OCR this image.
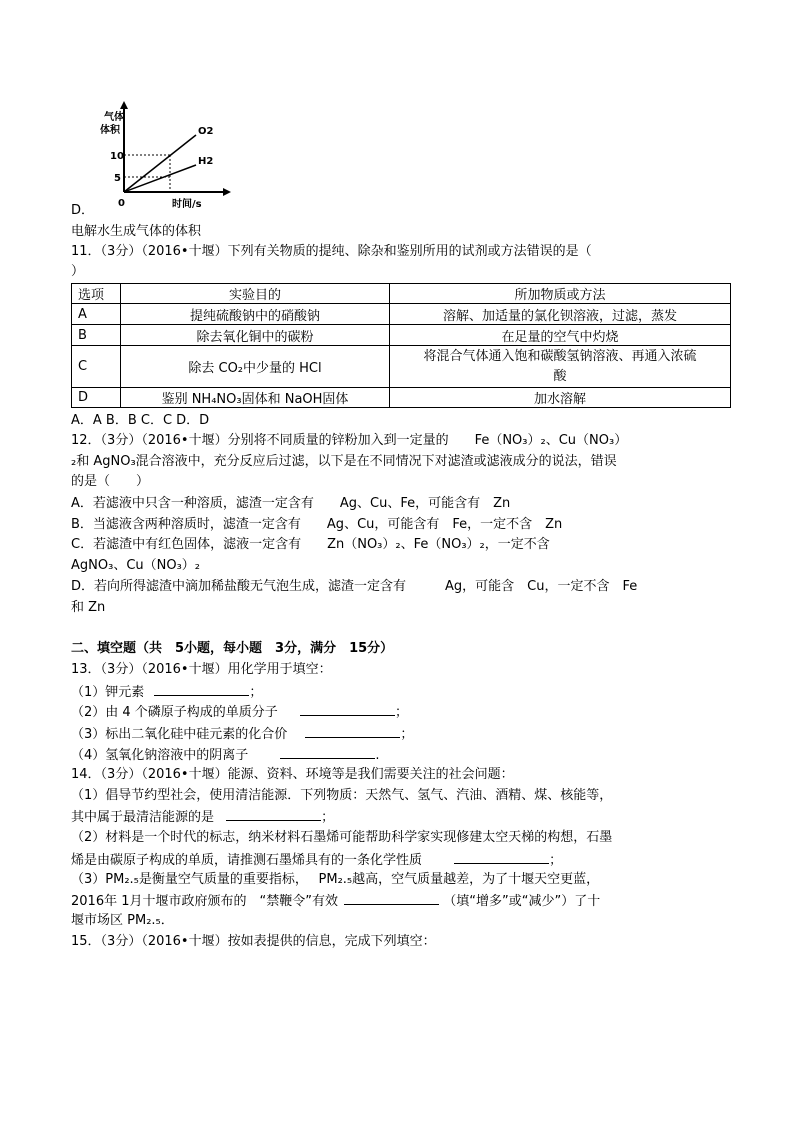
气体
体积
10
5
0
O2
H2
时间/s
D．
电解水生成气体的体积
11．（3分）（2016•十堰）下列有关物质的提纯、除杂和鉴别所用的试剂或方法错误的是（
）
选项	实验目的	所加物质或方法
A	提纯硫酸钠中的硝酸钠	溶解、加适量的氯化钡溶液，过滤，蒸发
B	除去氧化铜中的碳粉	在足量的空气中灼烧
C	除去 CO₂中少量的 HCl	将混合气体通入饱和碳酸氢钠溶液、再通入浓硫
酸

D	鉴别 NH₄NO₃固体和 NaOH固体	加水溶解
A．A B．B C．C D．D
12．（3分）（2016•十堰）分别将不同质量的锌粉加入到一定量的　　Fe（NO₃）₂、Cu（NO₃）
₂和 AgNO₃混合溶液中，充分反应后过滤，以下是在不同情况下对滤渣或滤液成分的说法，错误
的是（　　）
A．若滤液中只含一种溶质，滤渣一定含有　　Ag、Cu、Fe，可能含有　Zn
B．当滤液含两种溶质时，滤渣一定含有　　Ag、Cu，可能含有　Fe，一定不含　Zn
C．若滤渣中有红色固体，滤液一定含有　　Zn（NO₃）₂、Fe（NO₃）₂，一定不含
AgNO₃、Cu（NO₃）₂
D．若向所得滤渣中滴加稀盐酸无气泡生成，滤渣一定含有　　　Ag，可能含　Cu，一定不含　Fe
和 Zn
二、填空题（共　5小题，每小题　3分，满分　15分）
13．（3分）（2016•十堰）用化学用于填空：
（1）钾元素	；
（2）由 4 个磷原子构成的单质分子	；
（3）标出二氧化硅中硅元素的化合价	；
（4）氢氧化钠溶液中的阴离子	.
14．（3分）（2016•十堰）能源、资料、环境等是我们需要关注的社会问题：
（1）倡导节约型社会，使用清洁能源．下列物质：天然气、氢气、汽油、酒精、煤、核能等，
其中属于最清洁能源的是	；
（2）材料是一个时代的标志，纳米材料石墨烯可能帮助科学家实现修建太空天梯的构想，石墨
烯是由碳原子构成的单质，请推测石墨烯具有的一条化学性质	；
（3）PM₂.₅是衡量空气质量的重要指标，　 PM₂.₅越高，空气质量越差，为了十堰天空更蓝，
2016年 1月十堰市政府颁布的　“禁鞭令”有效	（填“增多”或“减少”）了十
堰市场区 PM₂.₅．
15．（3分）（2016•十堰）按如表提供的信息，完成下列填空：
